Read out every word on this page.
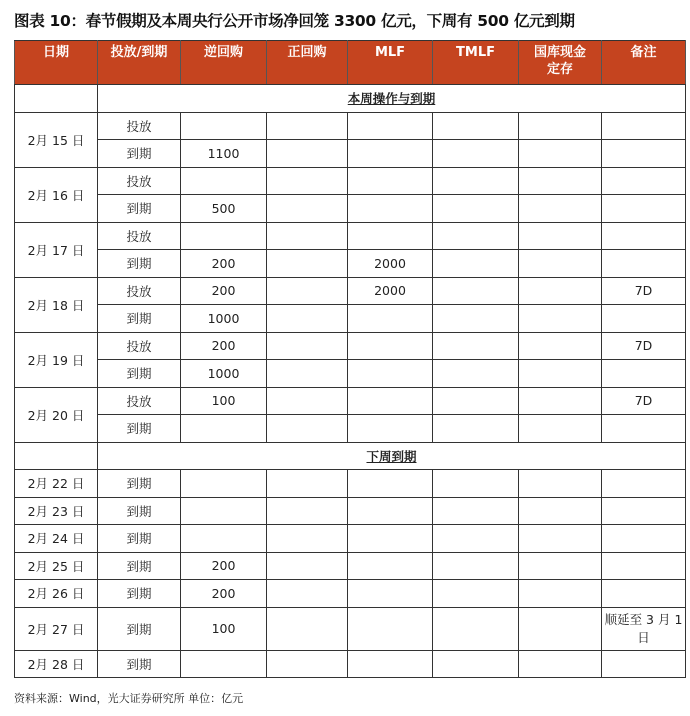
图表 10：春节假期及本周央行公开市场净回笼 3300 亿元，下周有 500 亿元到期
日期	投放/到期	逆回购	正回购	MLF	TMLF	国库现金定存	备注
	本周操作与到期						
2月 15 日	投放						
	到期	1100					
2月 16 日	投放						
	到期	500					
2月 17 日	投放						
	到期	200		2000			
2月 18 日	投放	200		2000			7D
	到期	1000					
2月 19 日	投放	200					7D
	到期	1000					
2月 20 日	投放	100					7D
	到期						
	下周到期						
2月 22 日	到期						
2月 23 日	到期						
2月 24 日	到期						
2月 25 日	到期	200					
2月 26 日	到期	200					
2月 27 日	到期	100					顺延至 3 月 1 日
2月 28 日	到期						
资料来源：Wind，光大证券研究所 单位：亿元
